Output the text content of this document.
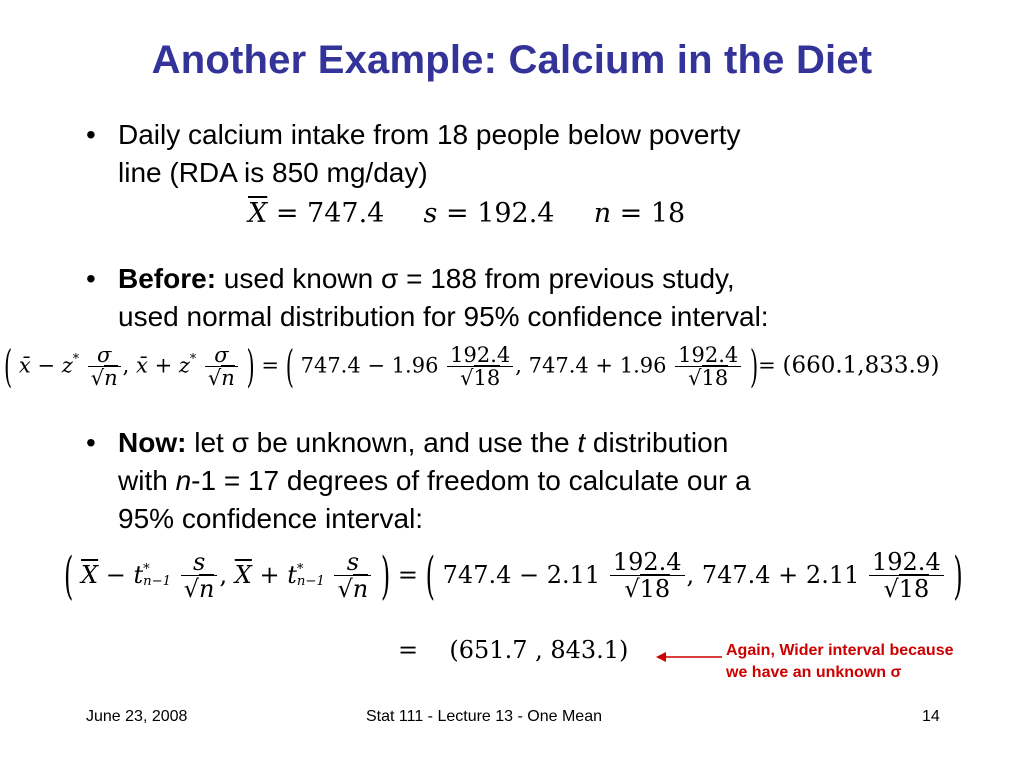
Another Example: Calcium in the Diet
• Daily calcium intake from 18 people below poverty
line (RDA is 850 mg/day)
$\overline{X} = 747.4$ s = 192.4 n = 18
• Before: used known σ = 188 from previous study,
used normal distribution for 95% confidence interval:
( x̄ − $z^* \frac{\sigma}{√n}$ , x̄ + $z^* \frac{\sigma}{√n}$ ) = ( $747.4 - 1.96 \frac{192.4}{√18}$ , $747.4 + 1.96 \frac{192.4}{√18}$ )= (660.1,833.9)
• Now: let σ be unknown, and use the t distribution
with n-1 = 17 degrees of freedom to calculate our a
95% confidence interval:
( $\overline{X} - t$ *
n−1
$\frac{s}{√n}$ , $\overline{X} + t$ *
n−1
$\frac{s}{√n}$ ) = ( $747.4 - 2.11 \frac{192.4}{√18}$ , $747.4 + 2.11 \frac{192.4}{√18}$ )
= (651.7 , 843.1)	Again, Wider interval because
we have an unknown σ
June 23, 2008	Stat 111 - Lecture 13 - One Mean	14
